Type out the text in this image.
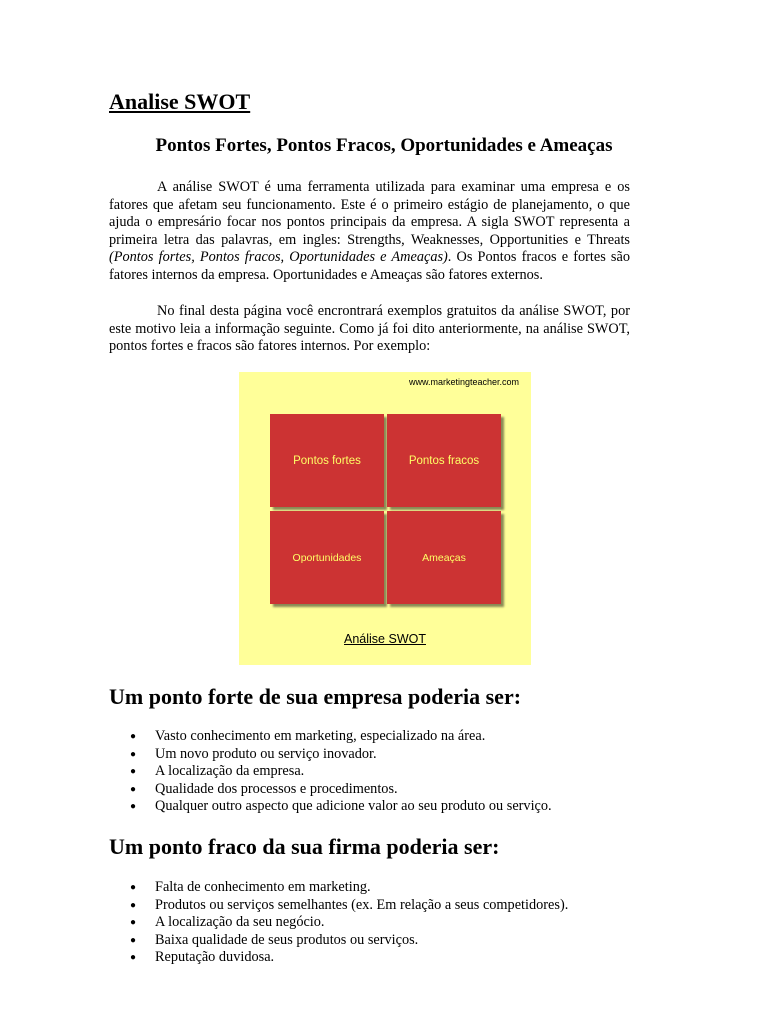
Analise SWOT
Pontos Fortes, Pontos Fracos, Oportunidades e Ameaças

A análise SWOT é uma ferramenta utilizada para examinar uma empresa e os fatores que afetam seu funcionamento. Este é o primeiro estágio de planejamento, o que ajuda o empresário focar nos pontos principais da empresa. A sigla SWOT representa a primeira letra das palavras, em ingles: Strengths, Weaknesses, Opportunities e Threats (Pontos fortes, Pontos fracos, Oportunidades e Ameaças). Os Pontos fracos e fortes são fatores internos da empresa. Oportunidades e Ameaças são fatores externos.

No final desta página você encrontrará exemplos gratuitos da análise SWOT, por este motivo leia a informação seguinte. Como já foi dito anteriormente, na análise SWOT, pontos fortes e fracos são fatores internos. Por exemplo:

www.marketingteacher.com
Pontos fortes	Pontos fracos
Oportunidades	Ameaças
Análise SWOT
Um ponto forte de sua empresa poderia ser:
● Vasto conhecimento em marketing, especializado na área.
● Um novo produto ou serviço inovador.
● A localização da empresa.
● Qualidade dos processos e procedimentos.
● Qualquer outro aspecto que adicione valor ao seu produto ou serviço.
Um ponto fraco da sua firma poderia ser:
● Falta de conhecimento em marketing.
● Produtos ou serviços semelhantes (ex. Em relação a seus competidores).
● A localização da seu negócio.
● Baixa qualidade de seus produtos ou serviços.
● Reputação duvidosa.
